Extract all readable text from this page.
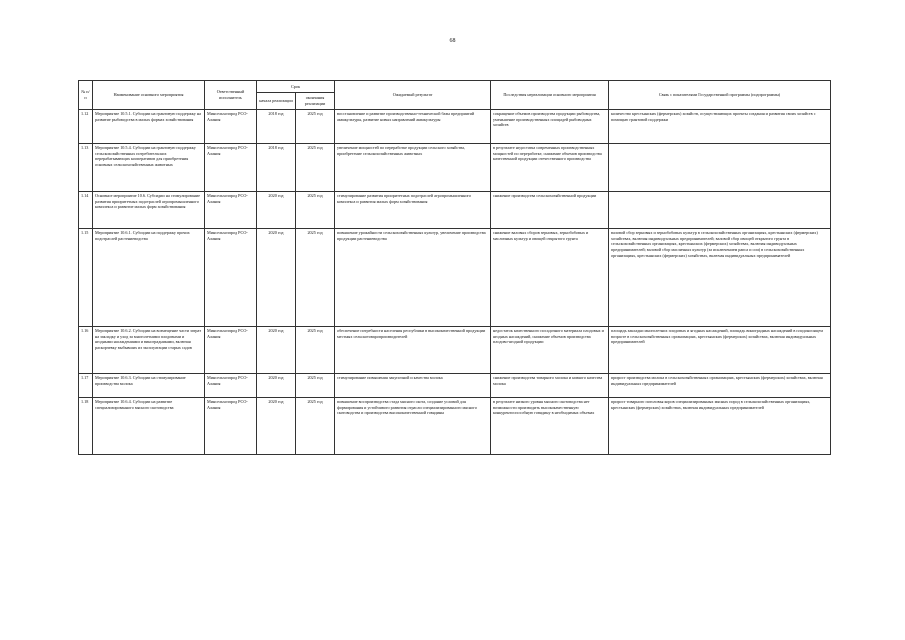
68
№ п/п	Наименование основного мероприятия	Ответственный исполнитель	Срок		Ожидаемый результат	Последствия нереализации основного мероприятия	Связь с показателями Государственной программы (подпрограммы)
			начала реализации	окончания реализации			
1.12	Мероприятие 10.5.1. Субсидии на грантовую поддержку на развитие рыбоводства в малых формах хозяйствования	Минсельхозпрод РСО-Алания	2018 год	2025 год	восстановление и развитие производственно-технической базы предприятий аквакультуры, развитие новых направлений аквакультуры	сокращение объемов производства продукции рыбоводства, уменьшение производственных площадей рыбоводных хозяйств	количество крестьянских (фермерских) хозяйств, осуществляющих проекты создания и развития своих хозяйств с помощью грантовой поддержки
1.13	Мероприятие 10.5.4. Субсидии на грантовую поддержку сельскохозяйственных потребительских перерабатывающих кооперативов для приобретения основных сельскохозяйственных животных	Минсельхозпрод РСО-Алания	2018 год	2025 год	увеличение мощностей по переработке продукции сельского хозяйства, приобретение сельскохозяйственных животных	в результате недостатка современных производственных мощностей по переработке, снижение объемов производства качественной продукции отечественного производства	
1.14	Основное мероприятие 10.6. Субсидии на стимулирование развития приоритетных подотраслей агропромышленного комплекса и развитие малых форм хозяйствования	Минсельхозпрод РСО-Алания	2020 год	2025 год	стимулирование развития приоритетных подотраслей агропромышленного комплекса и развития малых форм хозяйствования	снижение производства сельскохозяйственной продукции	
1.15	Мероприятие 10.6.1. Субсидии на поддержку прочих подотраслей растениеводства	Минсельхозпрод РСО-Алания	2020 год	2025 год	повышение урожайности сельскохозяйственных культур, увеличение производства продукции растениеводства	снижение валовых сборов зерновых, зернобобовых и масличных культур и овощей открытого грунта	валовой сбор зерновых и зернобобовых культур в сельскохозяйственных организациях, крестьянских (фермерских) хозяйствах, включая индивидуальных предпринимателей; валовой сбор овощей открытого грунта в сельскохозяйственных организациях, крестьянских (фермерских) хозяйствах, включая индивидуальных предпринимателей; валовой сбор масличных культур (за исключением рапса и сои) в сельскохозяйственных организациях, крестьянских (фермерских) хозяйствах, включая индивидуальных предпринимателей
1.16	Мероприятие 10.6.2. Субсидии на возмещение части затрат на закладку и уход за многолетними плодовыми и ягодными насаждениями и виноградниками, включая раскорчевку выбывших из эксплуатации старых садов	Минсельхозпрод РСО-Алания	2020 год	2025 год	обеспечение потребности населения республики в высококачественной продукции местных сельскотоваропроизводителей	недостаток качественного посадочного материала плодовых и ягодных насаждений, снижение объемов производства плодово-ягодной продукции	площадь закладки многолетних плодовых и ягодных насаждений, площадь виноградных насаждений в плодоносящем возрасте в сельскохозяйственных организациях, крестьянских (фермерских) хозяйствах, включая индивидуальных предпринимателей
1.17	Мероприятие 10.6.3. Субсидии на стимулирование производства молока	Минсельхозпрод РСО-Алания	2020 год	2025 год	стимулирование повышения закупочной и качества молока	снижение производства товарного молока и низкого качества молока	прирост производства молока в сельскохозяйственных организациях, крестьянских (фермерских) хозяйствах, включая индивидуальных предпринимателей
1.18	Мероприятие 10.6.4. Субсидии на развитие специализированного мясного скотоводства	Минсельхозпрод РСО-Алания	2020 год	2025 год	повышение воспроизводства стада мясного скота, создание условий для формирования и устойчивого развития отрасли специализированного мясного скотоводства и производства высококачественной говядины	в результате низкого уровня мясного скотоводства нет возможности производить высококачественную конкурентоспособную говядину в необходимых объемах	прирост товарного поголовья коров специализированных мясных пород в сельскохозяйственных организациях, крестьянских (фермерских) хозяйствах, включая индивидуальных предпринимателей
